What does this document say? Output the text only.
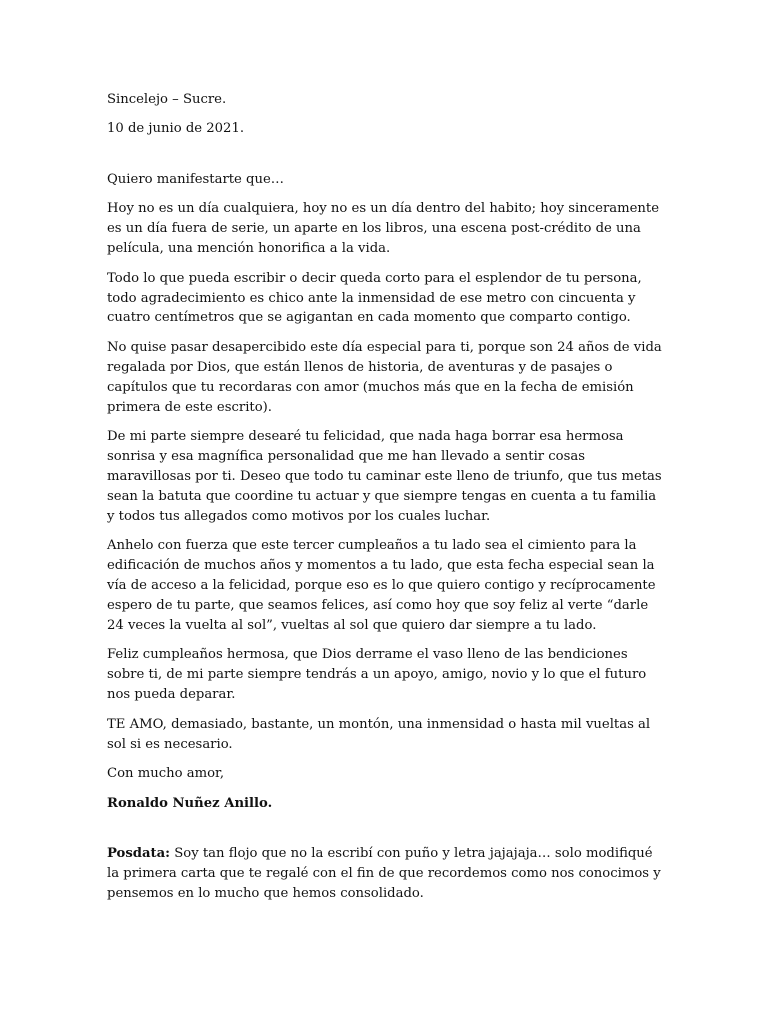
Sincelejo – Sucre.

10 de junio de 2021.

Quiero manifestarte que…

Hoy no es un día cualquiera, hoy no es un día dentro del habito; hoy sinceramente es un día fuera de serie, un aparte en los libros, una escena post-crédito de una película, una mención honorifica a la vida.

Todo lo que pueda escribir o decir queda corto para el esplendor de tu persona, todo agradecimiento es chico ante la inmensidad de ese metro con cincuenta y cuatro centímetros que se agigantan en cada momento que comparto contigo.

No quise pasar desapercibido este día especial para ti, porque son 24 años de vida regalada por Dios, que están llenos de historia, de aventuras y de pasajes o capítulos que tu recordaras con amor (muchos más que en la fecha de emisión primera de este escrito).

De mi parte siempre desearé tu felicidad, que nada haga borrar esa hermosa sonrisa y esa magnífica personalidad que me han llevado a sentir cosas maravillosas por ti. Deseo que todo tu caminar este lleno de triunfo, que tus metas sean la batuta que coordine tu actuar y que siempre tengas en cuenta a tu familia y todos tus allegados como motivos por los cuales luchar.

Anhelo con fuerza que este tercer cumpleaños a tu lado sea el cimiento para la edificación de muchos años y momentos a tu lado, que esta fecha especial sean la vía de acceso a la felicidad, porque eso es lo que quiero contigo y recíprocamente espero de tu parte, que seamos felices, así como hoy que soy feliz al verte “darle 24 veces la vuelta al sol”, vueltas al sol que quiero dar siempre a tu lado.

Feliz cumpleaños hermosa, que Dios derrame el vaso lleno de las bendiciones sobre ti, de mi parte siempre tendrás a un apoyo, amigo, novio y lo que el futuro nos pueda deparar.

TE AMO, demasiado, bastante, un montón, una inmensidad o hasta mil vueltas al sol si es necesario.

Con mucho amor,

Ronaldo Nuñez Anillo.

Posdata: Soy tan flojo que no la escribí con puño y letra jajajaja… solo modifiqué la primera carta que te regalé con el fin de que recordemos como nos conocimos y pensemos en lo mucho que hemos consolidado.
